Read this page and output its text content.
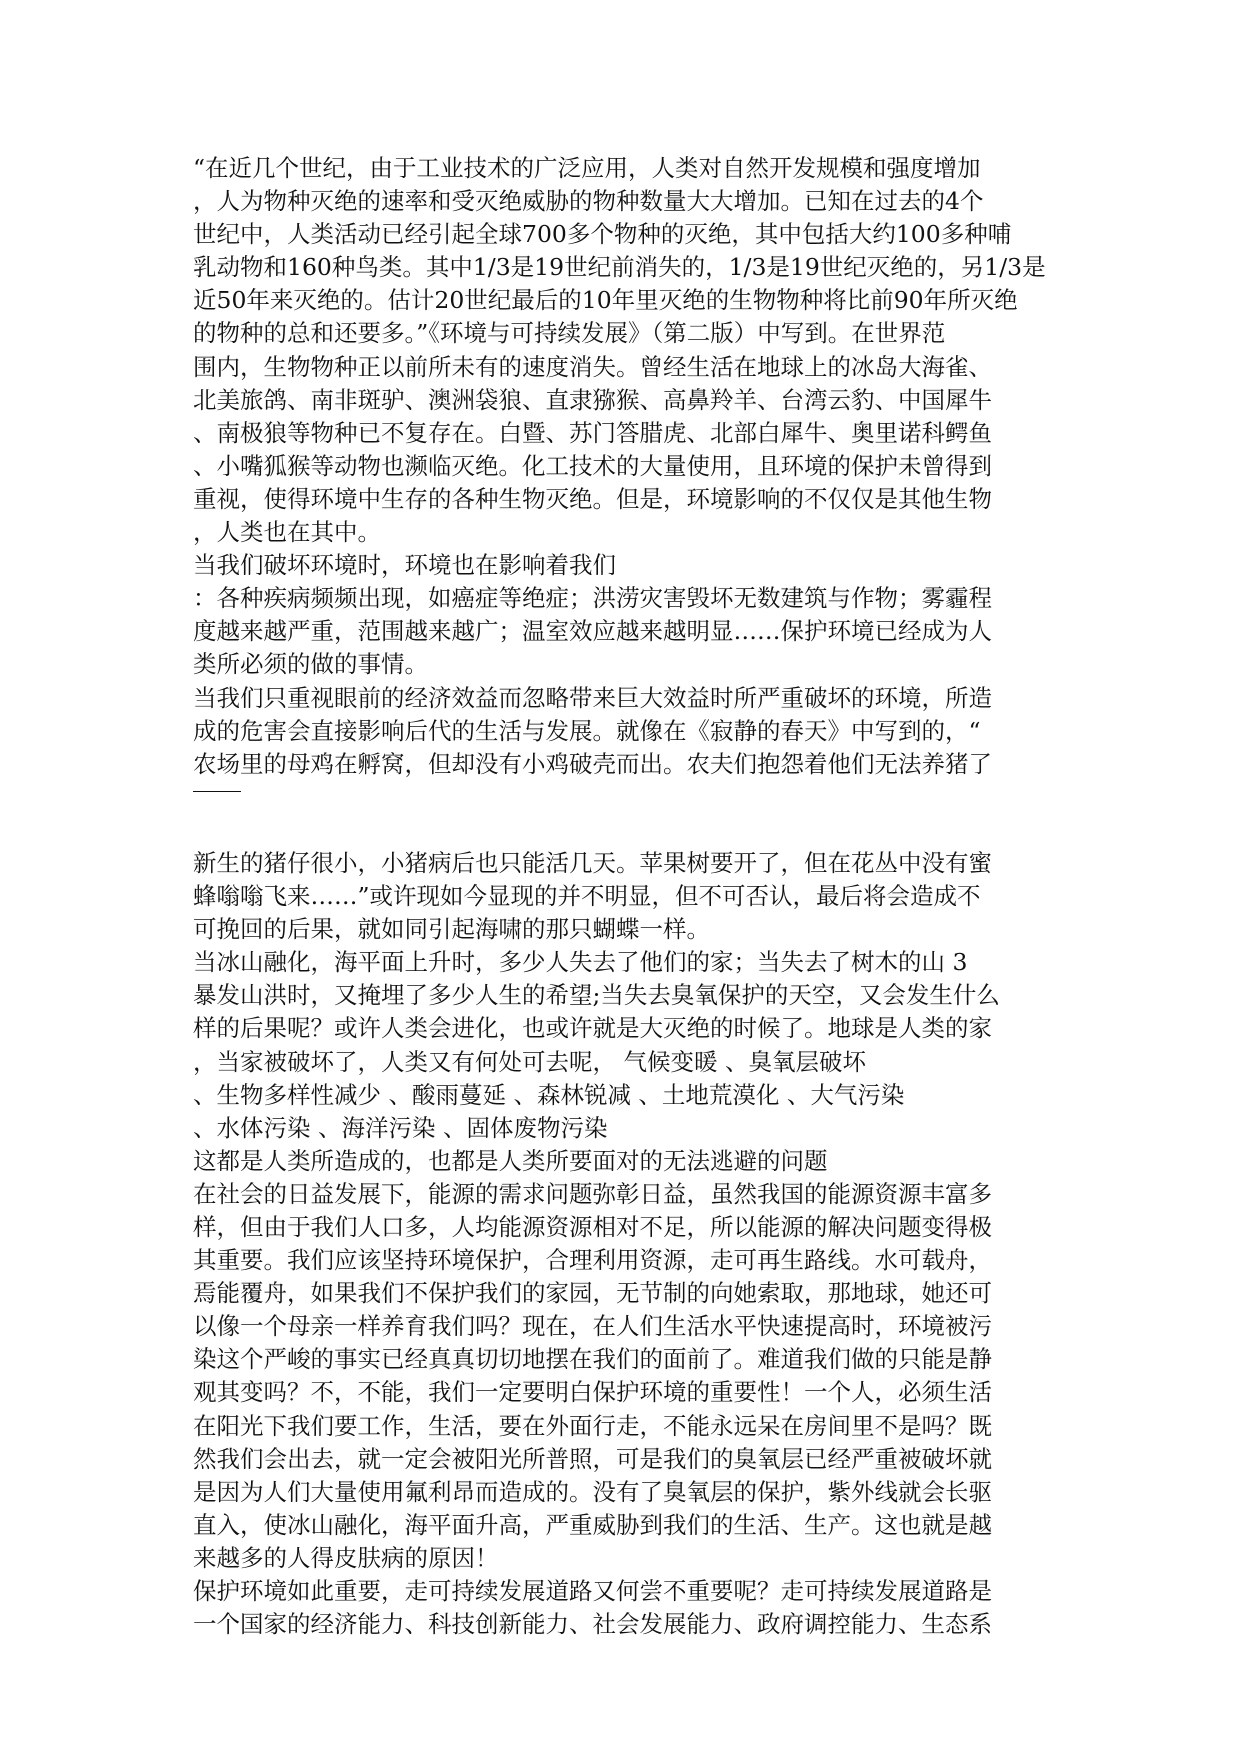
“在近几个世纪，由于工业技术的广泛应用，人类对自然开发规模和强度增加
，人为物种灭绝的速率和受灭绝威胁的物种数量大大增加。已知在过去的4个
世纪中，人类活动已经引起全球700多个物种的灭绝，其中包括大约100多种哺
乳动物和160种鸟类。其中1/3是19世纪前消失的，1/3是19世纪灭绝的，另1/3是
近50年来灭绝的。估计20世纪最后的10年里灭绝的生物物种将比前90年所灭绝
的物种的总和还要多。”《环境与可持续发展》（第二版）中写到。在世界范
围内，生物物种正以前所未有的速度消失。曾经生活在地球上的冰岛大海雀、
北美旅鸽、南非斑驴、澳洲袋狼、直隶猕猴、高鼻羚羊、台湾云豹、中国犀牛
、南极狼等物种已不复存在。白暨、苏门答腊虎、北部白犀牛、奥里诺科鳄鱼
、小嘴狐猴等动物也濒临灭绝。化工技术的大量使用，且环境的保护未曾得到
重视，使得环境中生存的各种生物灭绝。但是，环境影响的不仅仅是其他生物
，人类也在其中。
当我们破坏环境时，环境也在影响着我们
：各种疾病频频出现，如癌症等绝症；洪涝灾害毁坏无数建筑与作物；雾霾程
度越来越严重，范围越来越广；温室效应越来越明显……保护环境已经成为人
类所必须的做的事情。
当我们只重视眼前的经济效益而忽略带来巨大效益时所严重破坏的环境，所造
成的危害会直接影响后代的生活与发展。就像在《寂静的春天》中写到的，“
农场里的母鸡在孵窝，但却没有小鸡破壳而出。农夫们抱怨着他们无法养猪了
新生的猪仔很小，小猪病后也只能活几天。苹果树要开了，但在花丛中没有蜜
蜂嗡嗡飞来……”或许现如今显现的并不明显，但不可否认，最后将会造成不
可挽回的后果，就如同引起海啸的那只蝴蝶一样。
当冰山融化，海平面上升时，多少人失去了他们的家；当失去了树木的山 3
暴发山洪时，又掩埋了多少人生的希望;当失去臭氧保护的天空，又会发生什么
样的后果呢？或许人类会进化，也或许就是大灭绝的时候了。地球是人类的家
，当家被破坏了，人类又有何处可去呢， 气候变暖 、臭氧层破坏
、生物多样性减少 、酸雨蔓延 、森林锐减 、土地荒漠化 、大气污染
、水体污染 、海洋污染 、固体废物污染
这都是人类所造成的，也都是人类所要面对的无法逃避的问题
在社会的日益发展下，能源的需求问题弥彰日益，虽然我国的能源资源丰富多
样，但由于我们人口多，人均能源资源相对不足，所以能源的解决问题变得极
其重要。我们应该坚持环境保护，合理利用资源，走可再生路线。水可载舟，
焉能覆舟，如果我们不保护我们的家园，无节制的向她索取，那地球，她还可
以像一个母亲一样养育我们吗？现在，在人们生活水平快速提高时，环境被污
染这个严峻的事实已经真真切切地摆在我们的面前了。难道我们做的只能是静
观其变吗？不，不能，我们一定要明白保护环境的重要性！一个人，必须生活
在阳光下我们要工作，生活，要在外面行走，不能永远呆在房间里不是吗？既
然我们会出去，就一定会被阳光所普照，可是我们的臭氧层已经严重被破坏就
是因为人们大量使用氟利昂而造成的。没有了臭氧层的保护，紫外线就会长驱
直入，使冰山融化，海平面升高，严重威胁到我们的生活、生产。这也就是越
来越多的人得皮肤病的原因！
保护环境如此重要，走可持续发展道路又何尝不重要呢？走可持续发展道路是
一个国家的经济能力、科技创新能力、社会发展能力、政府调控能力、生态系
